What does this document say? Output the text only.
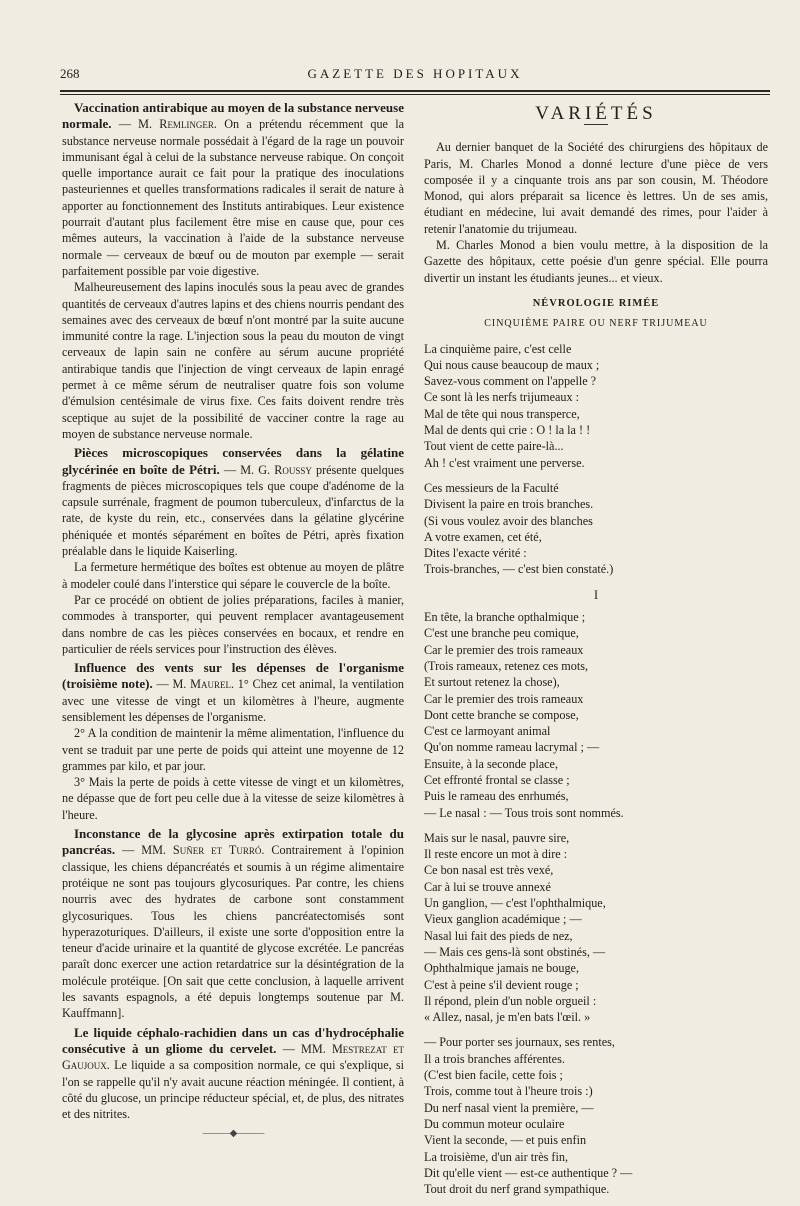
268	GAZETTE DES HOPITAUX

Vaccination antirabique au moyen de la substance nerveuse normale. — M. Remlinger. On a prétendu récemment que la substance nerveuse normale possédait à l'égard de la rage un pouvoir immunisant égal à celui de la substance nerveuse rabique. On conçoit quelle importance aurait ce fait pour la pratique des inoculations pasteuriennes et quelles transformations radicales il serait de nature à apporter au fonctionnement des Instituts antirabiques. Leur existence pourrait d'autant plus facilement être mise en cause que, pour ces mêmes auteurs, la vaccination à l'aide de la substance nerveuse normale — cerveaux de bœuf ou de mouton par exemple — serait parfaitement possible par voie digestive.

Malheureusement des lapins inoculés sous la peau avec de grandes quantités de cerveaux d'autres lapins et des chiens nourris pendant des semaines avec des cerveaux de bœuf n'ont montré par la suite aucune immunité contre la rage. L'injection sous la peau du mouton de vingt cerveaux de lapin sain ne confère au sérum aucune propriété antirabique tandis que l'injection de vingt cerveaux de lapin enragé permet à ce même sérum de neutraliser quatre fois son volume d'émulsion centésimale de virus fixe. Ces faits doivent rendre très sceptique au sujet de la possibilité de vacciner contre la rage au moyen de substance nerveuse normale.

Pièces microscopiques conservées dans la gélatine glycérinée en boîte de Pétri. — M. G. Roussy présente quelques fragments de pièces microscopiques tels que coupe d'adénome de la capsule surrénale, fragment de poumon tuberculeux, d'infarctus de la rate, de kyste du rein, etc., conservées dans la gélatine glycérine phéniquée et montés séparément en boîtes de Pétri, après fixation préalable dans le liquide Kaiserling.

La fermeture hermétique des boîtes est obtenue au moyen de plâtre à modeler coulé dans l'interstice qui sépare le couvercle de la boîte.

Par ce procédé on obtient de jolies préparations, faciles à manier, commodes à transporter, qui peuvent remplacer avantageusement dans nombre de cas les pièces conservées en bocaux, et rendre en particulier de réels services pour l'instruction des élèves.

Influence des vents sur les dépenses de l'organisme (troisième note). — M. Maurel. 1° Chez cet animal, la ventilation avec une vitesse de vingt et un kilomètres à l'heure, augmente sensiblement les dépenses de l'organisme.

2° A la condition de maintenir la même alimentation, l'influence du vent se traduit par une perte de poids qui atteint une moyenne de 12 grammes par kilo, et par jour.

3° Mais la perte de poids à cette vitesse de vingt et un kilomètres, ne dépasse que de fort peu celle due à la vitesse de seize kilomètres à l'heure.

Inconstance de la glycosine après extirpation totale du pancréas. — MM. Suñer et Turró. Contrairement à l'opinion classique, les chiens dépancréatés et soumis à un régime alimentaire protéique ne sont pas toujours glycosuriques. Par contre, les chiens nourris avec des hydrates de carbone sont constamment glycosuriques. Tous les chiens pancréatectomisés sont hyperazoturiques. D'ailleurs, il existe une sorte d'opposition entre la teneur d'acide urinaire et la quantité de glycose excrétée. Le pancréas paraît donc exercer une action retardatrice sur la désintégration de la molécule protéique. [On sait que cette conclusion, à laquelle arrivent les savants espagnols, a été depuis longtemps soutenue par M. Kauffmann].

Le liquide céphalo-rachidien dans un cas d'hydrocéphalie consécutive à un gliome du cervelet. — MM. Mestrezat et Gaujoux. Le liquide a sa composition normale, ce qui s'explique, si l'on se rappelle qu'il n'y avait aucune réaction méningée. Il contient, à côté du glucose, un principe réducteur spécial, et, de plus, des nitrates et des nitrites.

———◆———
VARIÉTÉS

Au dernier banquet de la Société des chirurgiens des hôpitaux de Paris, M. Charles Monod a donné lecture d'une pièce de vers composée il y a cinquante trois ans par son cousin, M. Théodore Monod, qui alors préparait sa licence ès lettres. Un de ses amis, étudiant en médecine, lui avait demandé des rimes, pour l'aider à retenir l'anatomie du trijumeau.

M. Charles Monod a bien voulu mettre, à la disposition de la Gazette des hôpitaux, cette poésie d'un genre spécial. Elle pourra divertir un instant les étudiants jeunes... et vieux.

NÉVROLOGIE RIMÉE
CINQUIÈME PAIRE OU NERF TRIJUMEAU

La cinquième paire, c'est celle

Qui nous cause beaucoup de maux ;

Savez-vous comment on l'appelle ?

Ce sont là les nerfs trijumeaux :

Mal de tête qui nous transperce,

Mal de dents qui crie : O ! la la ! !

Tout vient de cette paire-là...

Ah ! c'est vraiment une perverse.

Ces messieurs de la Faculté

Divisent la paire en trois branches.

(Si vous voulez avoir des blanches

A votre examen, cet été,

Dites l'exacte vérité :

Trois-branches, — c'est bien constaté.)

I

En tête, la branche opthalmique ;

C'est une branche peu comique,

Car le premier des trois rameaux

(Trois rameaux, retenez ces mots,

Et surtout retenez la chose),

Car le premier des trois rameaux

Dont cette branche se compose,

C'est ce larmoyant animal

Qu'on nomme rameau lacrymal ; —

Ensuite, à la seconde place,

Cet effronté frontal se classe ;

Puis le rameau des enrhumés,

— Le nasal : — Tous trois sont nommés.

Mais sur le nasal, pauvre sire,

Il reste encore un mot à dire :

Ce bon nasal est très vexé,

Car à lui se trouve annexé

Un ganglion, — c'est l'ophthalmique,

Vieux ganglion académique ; —

Nasal lui fait des pieds de nez,

— Mais ces gens-là sont obstinés, —

Ophthalmique jamais ne bouge,

C'est à peine s'il devient rouge ;

Il répond, plein d'un noble orgueil :

« Allez, nasal, je m'en bats l'œil. »

— Pour porter ses journaux, ses rentes,

Il a trois branches afférentes.

(C'est bien facile, cette fois ;

Trois, comme tout à l'heure trois :)

Du nerf nasal vient la première, —

Du commun moteur oculaire

Vient la seconde, — et puis enfin

La troisième, d'un air très fin,

Dit qu'elle vient — est-ce authentique ? —

Tout droit du nerf grand sympathique.
